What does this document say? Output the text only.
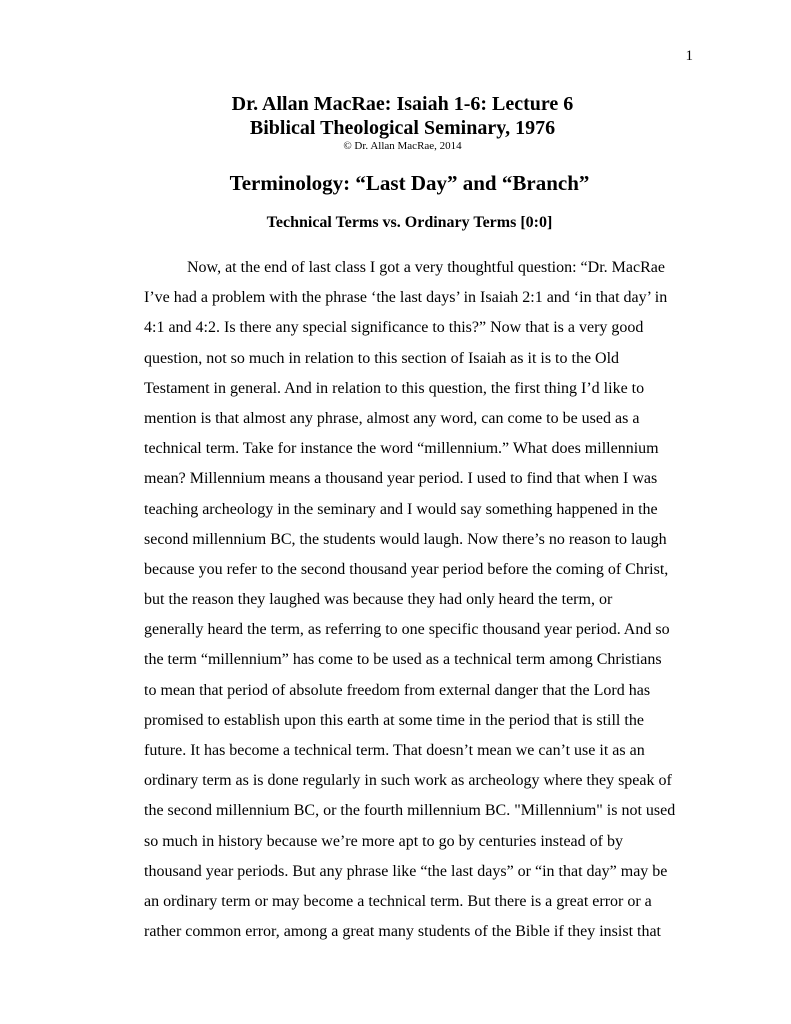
1

Dr. Allan MacRae: Isaiah 1-6: Lecture 6

Biblical Theological Seminary, 1976

© Dr. Allan MacRae, 2014

Terminology: “Last Day” and “Branch”
Technical Terms vs. Ordinary Terms [0:0]
Now, at the end of last class I got a very thoughtful question: “Dr. MacRae
I’ve had a problem with the phrase ‘the last days’ in Isaiah 2:1 and ‘in that day’ in
4:1 and 4:2. Is there any special significance to this?” Now that is a very good
question, not so much in relation to this section of Isaiah as it is to the Old
Testament in general. And in relation to this question, the first thing I’d like to
mention is that almost any phrase, almost any word, can come to be used as a
technical term. Take for instance the word “millennium.” What does millennium
mean? Millennium means a thousand year period. I used to find that when I was
teaching archeology in the seminary and I would say something happened in the
second millennium BC, the students would laugh. Now there’s no reason to laugh
because you refer to the second thousand year period before the coming of Christ,
but the reason they laughed was because they had only heard the term, or
generally heard the term, as referring to one specific thousand year period. And so
the term “millennium” has come to be used as a technical term among Christians
to mean that period of absolute freedom from external danger that the Lord has
promised to establish upon this earth at some time in the period that is still the
future. It has become a technical term. That doesn’t mean we can’t use it as an
ordinary term as is done regularly in such work as archeology where they speak of
the second millennium BC, or the fourth millennium BC. "Millennium" is not used
so much in history because we’re more apt to go by centuries instead of by
thousand year periods. But any phrase like “the last days” or “in that day” may be
an ordinary term or may become a technical term. But there is a great error or a
rather common error, among a great many students of the Bible if they insist that
